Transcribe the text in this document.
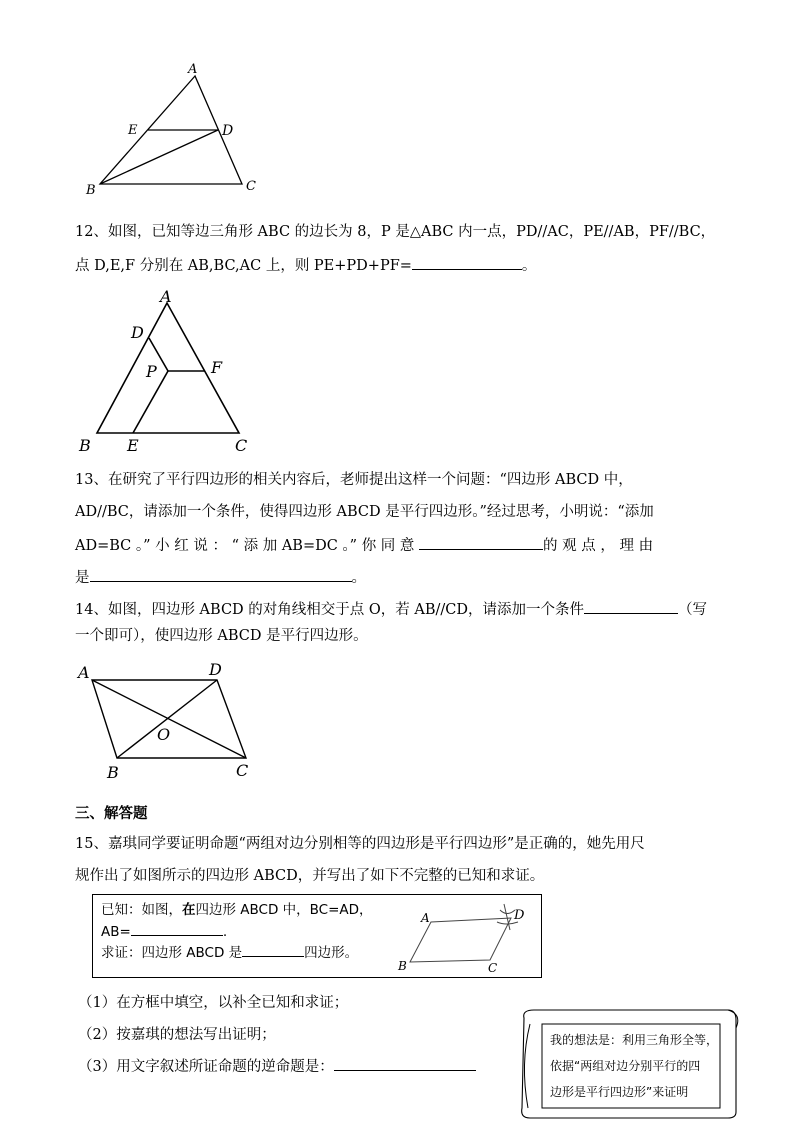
A
E	D
B	C
12、如图，已知等边三角形 ABC 的边长为 8，P 是△ABC 内一点，PD//AC，PE//AB，PF//BC，
点 D,E,F 分别在 AB,BC,AC 上，则 PE+PD+PF=	。
A
D
P	F
B E	C
13、在研究了平行四边形的相关内容后，老师提出这样一个问题：“四边形 ABCD 中，
AD//BC，请添加一个条件，使得四边形 ABCD 是平行四边形。”经过思考，小明说：“添加
AD=BC 。” 小 红 说 ： “ 添 加 AB=DC 。” 你 同 意	的 观 点 ， 理 由
是	。
14、如图，四边形 ABCD 的对角线相交于点 O，若 AB//CD，请添加一个条件	（写
一个即可），使四边形 ABCD 是平行四边形。
A	D
O
B	C
三、解答题
15、嘉琪同学要证明命题“两组对边分别相等的四边形是平行四边形”是正确的，她先用尺
规作出了如图所示的四边形 ABCD，并写出了如下不完整的已知和求证。
已知：如图，在四边形 ABCD 中，BC=AD，
AB=	.
求证：四边形 ABCD 是	四边形。
A	D
B	C
（1）在方框中填空，以补全已知和求证；
（2）按嘉琪的想法写出证明；
（3）用文字叙述所证命题的逆命题是：
我的想法是：利用三角形全等，
依据“两组对边分别平行的四
边形是平行四边形”来证明
